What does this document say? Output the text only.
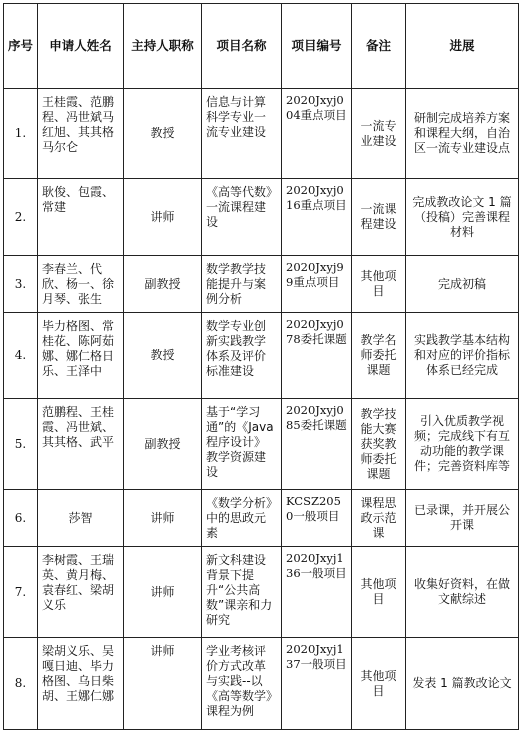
序号	申请人姓名	主持人职称	项目名称	项目编号	备注	进展
1.	王桂霞、范鹏程、冯世斌马红旭、其其格马尔仑	教授	信息与计算科学专业一流专业建设	2020Jxyj004重点项目	一流专业建设	研制完成培养方案和课程大纲，自治区一流专业建设点
2.	耿俊、包霞、常建	讲师	《高等代数》一流课程建设	2020Jxyj016重点项目	一流课程建设	完成教改论文 1 篇（投稿）完善课程材料
3.	李春兰、代欣、杨一、徐月琴、张生	副教授	数学教学技能提升与案例分析	2020Jxyj99重点项目	其他项目	完成初稿
4.	毕力格图、常桂花、陈阿茹娜、娜仁格日乐、王泽中	教授	数学专业创新实践教学体系及评价标准建设	2020Jxyj078委托课题	教学名师委托课题	实践教学基本结构和对应的评价指标体系已经完成
5.	范鹏程、王桂霞、冯世斌、其其格、武平	副教授	基于“学习通”的《Java程序设计》教学资源建设	2020Jxyj085委托课题	教学技能大赛获奖教师委托课题	引入优质教学视频；完成线下有互动功能的教学课件；完善资料库等
6.	莎智	讲师	《数学分析》中的思政元素	KCSZ2050一般项目	课程思政示范课	已录课，并开展公开课
7.	李树霞、王瑞英、黄月梅、袁春红、梁胡义乐	讲师	新文科建设背景下提升“公共高数”课亲和力研究	2020Jxyj136一般项目	其他项目	收集好资料，在做文献综述
8.	梁胡义乐、吴嘎日迪、毕力格图、乌日柴胡、王娜仁娜	讲师	学业考核评价方式改革与实践--以《高等数学》课程为例	2020Jxyj137一般项目	其他项目	发表 1 篇教改论文
